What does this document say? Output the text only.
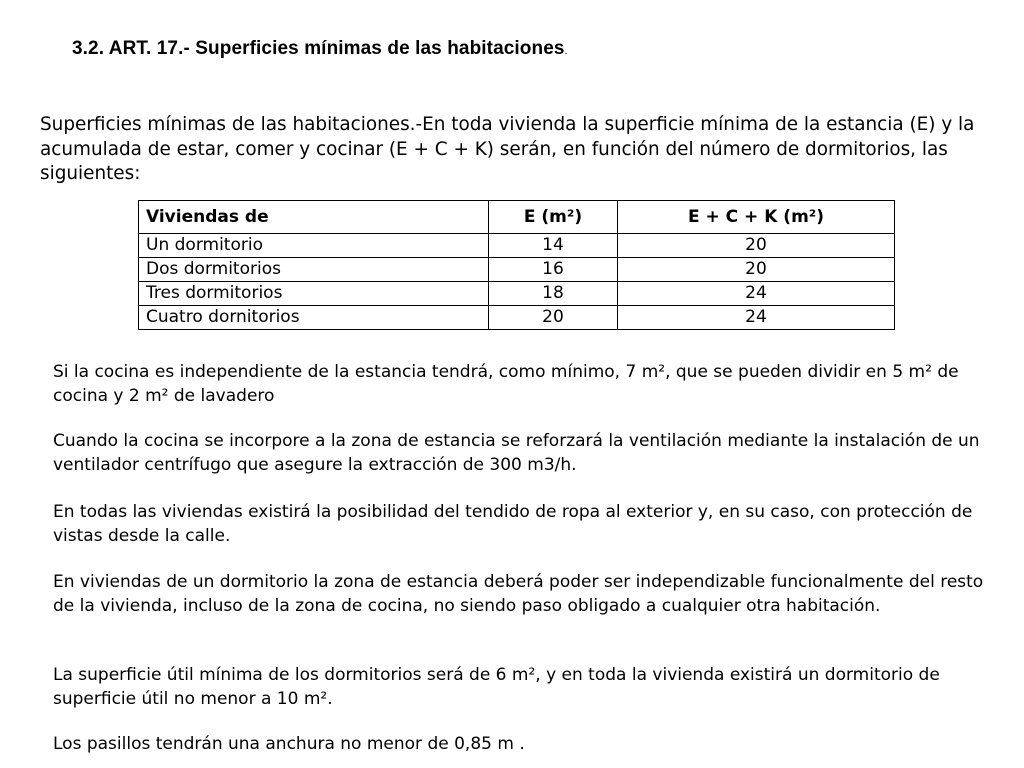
3.2. ART. 17.- Superficies mínimas de las habitaciones.

Superficies mínimas de las habitaciones.-En toda vivienda la superficie mínima de la estancia (E) y la acumulada de estar, comer y cocinar (E + C + K) serán, en función del número de dormitorios, las siguientes:

Viviendas de	E (m²)	E + C + K (m²)
Un dormitorio	14	20
Dos dormitorios	16	20
Tres dormitorios	18	24
Cuatro dornitorios	20	24

Si la cocina es independiente de la estancia tendrá, como mínimo, 7 m², que se pueden dividir en 5 m² de cocina y 2 m² de lavadero

Cuando la cocina se incorpore a la zona de estancia se reforzará la ventilación mediante la instalación de un ventilador centrífugo que asegure la extracción de 300 m3/h.

En todas las viviendas existirá la posibilidad del tendido de ropa al exterior y, en su caso, con protección de vistas desde la calle.

En viviendas de un dormitorio la zona de estancia deberá poder ser independizable funcionalmente del resto de la vivienda, incluso de la zona de cocina, no siendo paso obligado a cualquier otra habitación.

La superficie útil mínima de los dormitorios será de 6 m², y en toda la vivienda existirá un dormitorio de superficie útil no menor a 10 m².

Los pasillos tendrán una anchura no menor de 0,85 m .
